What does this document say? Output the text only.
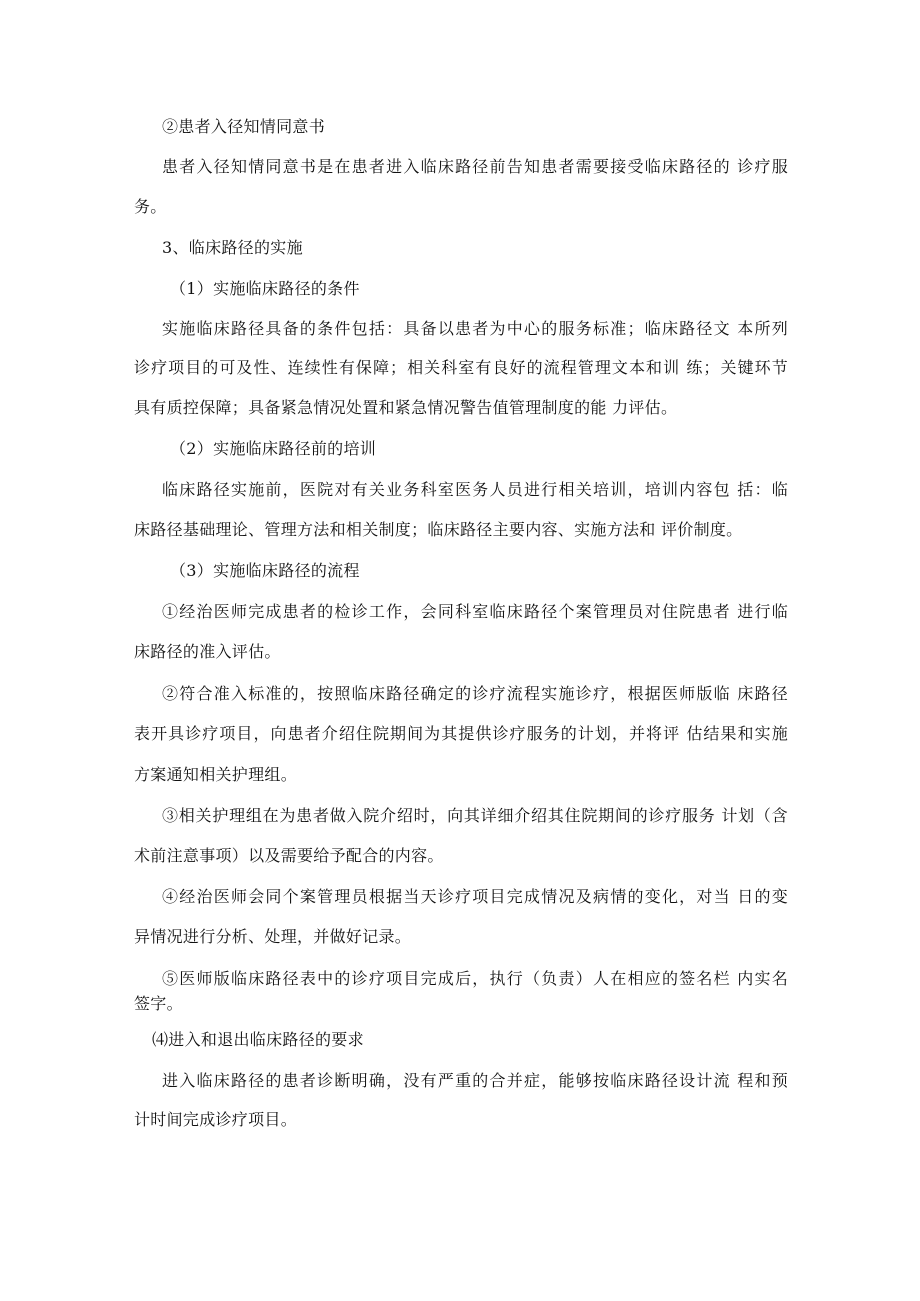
②患者入径知情同意书

患者入径知情同意书是在患者进入临床路径前告知患者需要接受临床路径的 诊疗服

务。

3、临床路径的实施

（1）实施临床路径的条件

实施临床路径具备的条件包括：具备以患者为中心的服务标准；临床路径文 本所列

诊疗项目的可及性、连续性有保障；相关科室有良好的流程管理文本和训 练；关键环节

具有质控保障；具备紧急情况处置和紧急情况警告值管理制度的能 力评估。

（2）实施临床路径前的培训

临床路径实施前，医院对有关业务科室医务人员进行相关培训，培训内容包 括：临

床路径基础理论、管理方法和相关制度；临床路径主要内容、实施方法和 评价制度。

（3）实施临床路径的流程

①经治医师完成患者的检诊工作，会同科室临床路径个案管理员对住院患者 进行临

床路径的准入评估。

②符合准入标准的，按照临床路径确定的诊疗流程实施诊疗，根据医师版临 床路径

表开具诊疗项目，向患者介绍住院期间为其提供诊疗服务的计划，并将评 估结果和实施

方案通知相关护理组。

③相关护理组在为患者做入院介绍时，向其详细介绍其住院期间的诊疗服务 计划（含

术前注意事项）以及需要给予配合的内容。

④经治医师会同个案管理员根据当天诊疗项目完成情况及病情的变化，对当 日的变

异情况进行分析、处理，并做好记录。

⑤医师版临床路径表中的诊疗项目完成后，执行（负责）人在相应的签名栏 内实名

签字。

⑷进入和退出临床路径的要求

进入临床路径的患者诊断明确，没有严重的合并症，能够按临床路径设计流 程和预

计时间完成诊疗项目。
